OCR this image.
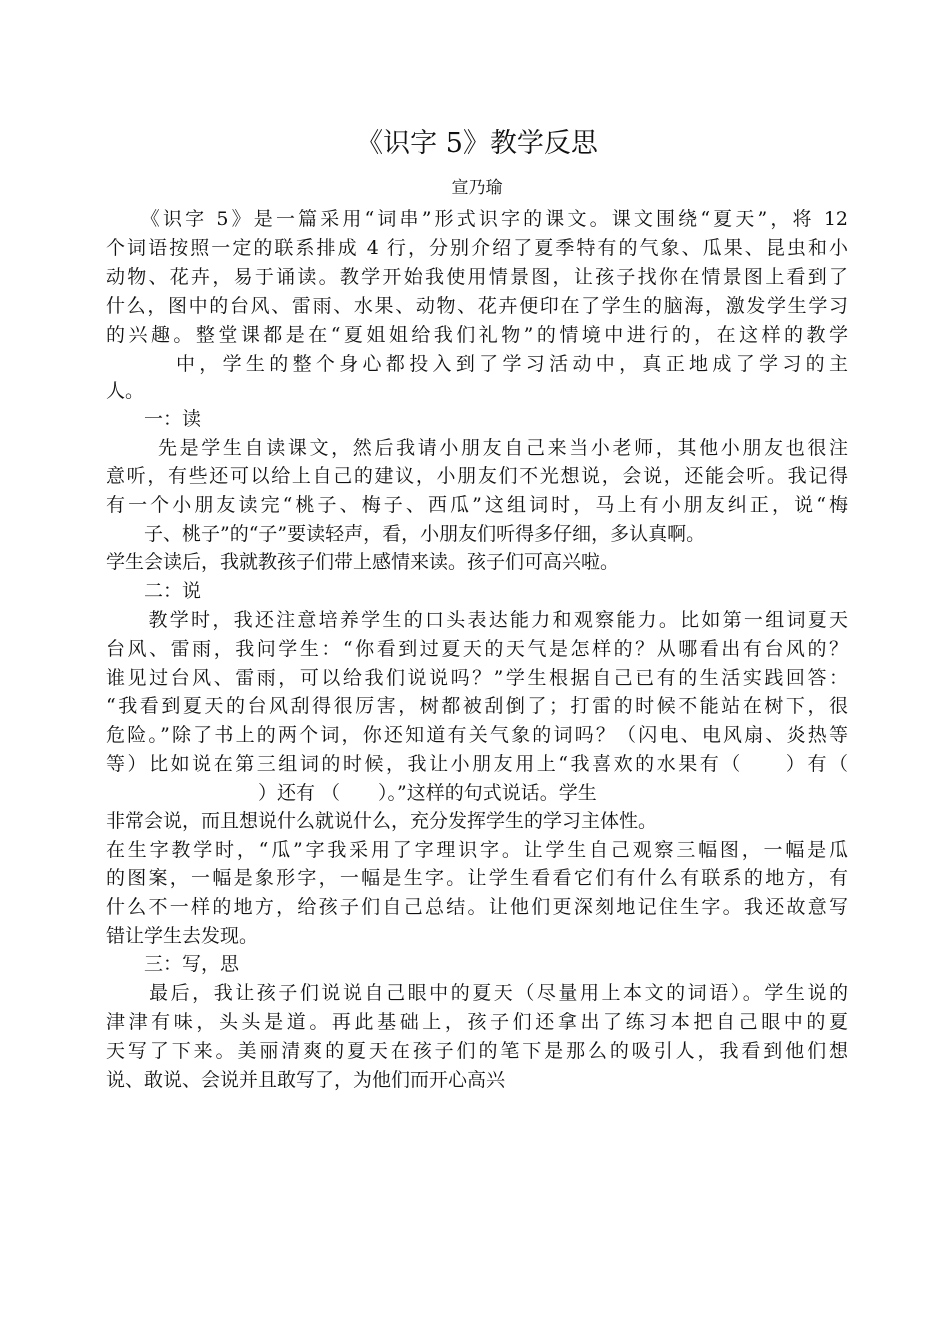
《识字 5》教学反思
宣乃瑜
　　《识字 5》是一篇采用“词串”形式识字的课文。课文围绕“夏天”，将 12
个词语按照一定的联系排成 4 行，分别介绍了夏季特有的气象、瓜果、昆虫和小
动物、花卉，易于诵读。教学开始我使用情景图，让孩子找你在情景图上看到了
什么，图中的台风、雷雨、水果、动物、花卉便印在了学生的脑海，激发学生学习
的兴趣。整堂课都是在“夏姐姐给我们礼物”的情境中进行的，在这样的教学
　　　中，学生的整个身心都投入到了学习活动中，真正地成了学习的主
人。
　　一：读
　　 先是学生自读课文，然后我请小朋友自己来当小老师，其他小朋友也很注
意听，有些还可以给上自己的建议，小朋友们不光想说，会说，还能会听。我记得
有一个小朋友读完“桃子、梅子、西瓜”这组词时，马上有小朋友纠正，说“梅
　　子、桃子”的“子”要读轻声，看，小朋友们听得多仔细，多认真啊。
学生会读后，我就教孩子们带上感情来读。孩子们可高兴啦。
　　二：说
　　教学时，我还注意培养学生的口头表达能力和观察能力。比如第一组词夏天
台风、雷雨，我问学生：“你看到过夏天的天气是怎样的？从哪看出有台风的？
谁见过台风、雷雨，可以给我们说说吗？”学生根据自己已有的生活实践回答：
“我看到夏天的台风刮得很厉害，树都被刮倒了；打雷的时候不能站在树下，很
危险。”除了书上的两个词，你还知道有关气象的词吗？（闪电、电风扇、炎热等
等）比如说在第三组词的时候，我让小朋友用上“我喜欢的水果有（　　）有（
　　　　　　　　）还有 （　　）。”这样的句式说话。学生
非常会说，而且想说什么就说什么，充分发挥学生的学习主体性。
在生字教学时，“瓜”字我采用了字理识字。让学生自己观察三幅图，一幅是瓜
的图案，一幅是象形字，一幅是生字。让学生看看它们有什么有联系的地方，有
什么不一样的地方，给孩子们自己总结。让他们更深刻地记住生字。我还故意写
错让学生去发现。
　　三：写，思
　　最后，我让孩子们说说自己眼中的夏天（尽量用上本文的词语）。学生说的
津津有味，头头是道。再此基础上，孩子们还拿出了练习本把自己眼中的夏
天写了下来。美丽清爽的夏天在孩子们的笔下是那么的吸引人，我看到他们想
说、敢说、会说并且敢写了，为他们而开心高兴
